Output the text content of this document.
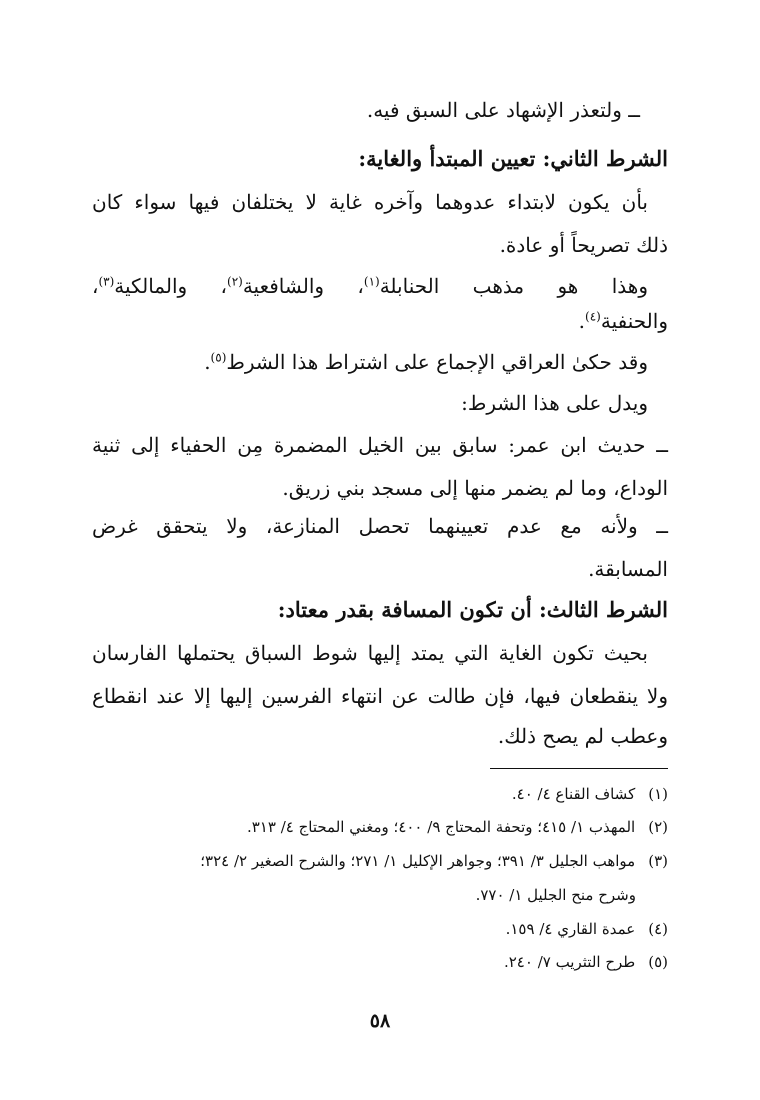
ــ ولتعذر الإشهاد على السبق فيه.
الشرط الثاني: تعيين المبتدأ والغاية:
بأن يكون لابتداء عدوهما وآخره غاية لا يختلفان فيها سواء كان
ذلك تصريحاً أو عادة.
وهذا هو مذهب الحنابلة$^{(١)}$، والشافعية$^{(٢)}$، والمالكية$^{(٣)}$،
والحنفية$^{(٤)}$.
وقد حكىٰ العراقي الإجماع على اشتراط هذا الشرط$^{(٥)}$.
ويدل على هذا الشرط:
ــ حديث ابن عمر: سابق بين الخيل المضمرة مِن الحفياء إلى ثنية
الوداع، وما لم يضمر منها إلى مسجد بني زريق.
ــ ولأنه مع عدم تعيينهما تحصل المنازعة، ولا يتحقق غرض
المسابقة.
الشرط الثالث: أن تكون المسافة بقدر معتاد:
بحيث تكون الغاية التي يمتد إليها شوط السباق يحتملها الفارسان
ولا ينقطعان فيها، فإن طالت عن انتهاء الفرسين إليها إلا عند انقطاع
وعطب لم يصح ذلك.
(١) كشاف القناع ٤/ ٤٠.
(٢) المهذب ١/ ٤١٥؛ وتحفة المحتاج ٩/ ٤٠٠؛ ومغني المحتاج ٤/ ٣١٣.
(٣) مواهب الجليل ٣/ ٣٩١؛ وجواهر الإكليل ١/ ٢٧١؛ والشرح الصغير ٢/ ٣٢٤؛
وشرح منح الجليل ١/ ٧٧٠.
(٤) عمدة القاري ٤/ ١٥٩.
(٥) طرح التثريب ٧/ ٢٤٠.
٥٨
